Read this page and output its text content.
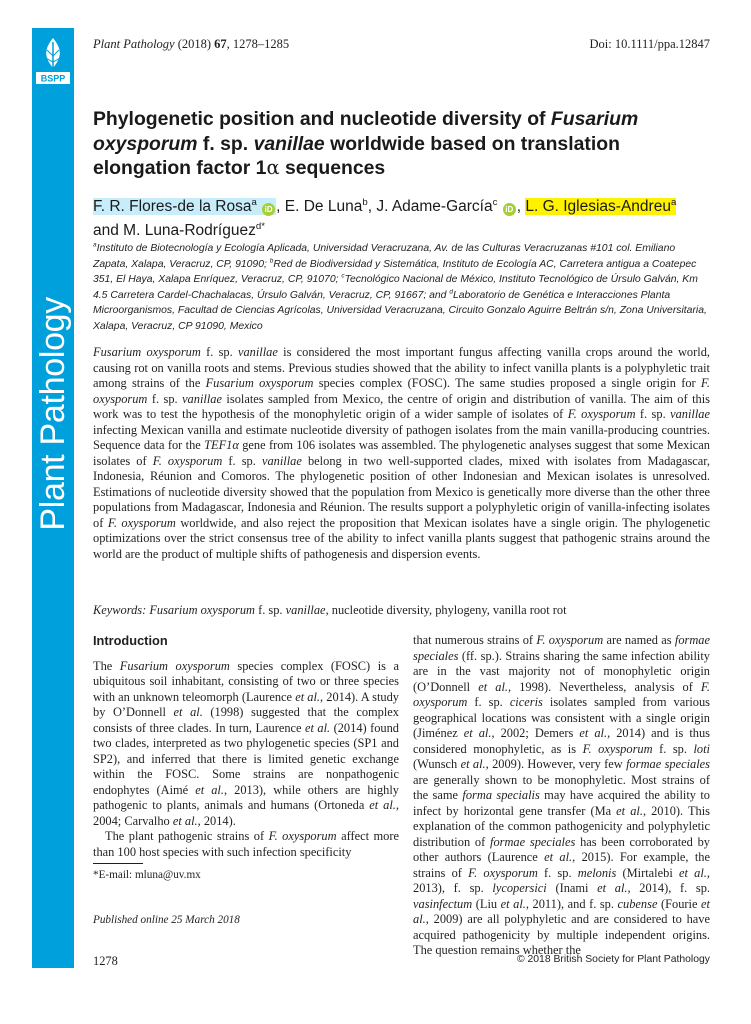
BSPP
Plant Pathology
Plant Pathology (2018) 67, 1278–1285	Doi: 10.1111/ppa.12847
Phylogenetic position and nucleotide diversity of Fusarium oxysporum f. sp. vanillae worldwide based on translation elongation factor 1α sequences
F. R. Flores-de la Rosa$^a$ iD , E. De Luna$^b$, J. Adame-García$^c$ iD , L. G. Iglesias-Andreu$^a$
and M. Luna-Rodríguez$^{d*}$
$^a$Instituto de Biotecnología y Ecología Aplicada, Universidad Veracruzana, Av. de las Culturas Veracruzanas #101 col. Emiliano Zapata, Xalapa, Veracruz, CP, 91090; $^b$Red de Biodiversidad y Sistemática, Instituto de Ecología AC, Carretera antigua a Coatepec 351, El Haya, Xalapa Enríquez, Veracruz, CP, 91070; $^c$Tecnológico Nacional de México, Instituto Tecnológico de Úrsulo Galván, Km 4.5 Carretera Cardel-Chachalacas, Úrsulo Galván, Veracruz, CP, 91667; and $^d$Laboratorio de Genética e Interacciones Planta Microorganismos, Facultad de Ciencias Agrícolas, Universidad Veracruzana, Circuito Gonzalo Aguirre Beltrán s/n, Zona Universitaria, Xalapa, Veracruz, CP 91090, Mexico

Fusarium oxysporum f. sp. vanillae is considered the most important fungus affecting vanilla crops around the world, causing rot on vanilla roots and stems. Previous studies showed that the ability to infect vanilla plants is a polyphyletic trait among strains of the Fusarium oxysporum species complex (FOSC). The same studies proposed a single origin for F. oxysporum f. sp. vanillae isolates sampled from Mexico, the centre of origin and distribution of vanilla. The aim of this work was to test the hypothesis of the monophyletic origin of a wider sample of isolates of F. oxysporum f. sp. vanillae infecting Mexican vanilla and estimate nucleotide diversity of pathogen isolates from the main vanilla-producing countries. Sequence data for the TEF1α gene from 106 isolates was assembled. The phylogenetic analyses suggest that some Mexican isolates of F. oxysporum f. sp. vanillae belong in two well-supported clades, mixed with isolates from Madagascar, Indonesia, Réunion and Comoros. The phylogenetic position of other Indonesian and Mexican isolates is unresolved. Estimations of nucleotide diversity showed that the population from Mexico is genetically more diverse than the other three populations from Madagascar, Indonesia and Réunion. The results support a polyphyletic origin of vanilla-infecting isolates of F. oxysporum worldwide, and also reject the proposition that Mexican isolates have a single origin. The phylogenetic optimizations over the strict consensus tree of the ability to infect vanilla plants suggest that pathogenic strains around the world are the product of multiple shifts of pathogenesis and dispersion events.

Keywords: Fusarium oxysporum f. sp. vanillae, nucleotide diversity, phylogeny, vanilla root rot
Introduction

The Fusarium oxysporum species complex (FOSC) is a ubiquitous soil inhabitant, consisting of two or three species with an unknown teleomorph (Laurence et al., 2014). A study by O’Donnell et al. (1998) suggested that the complex consists of three clades. In turn, Laurence et al. (2014) found two clades, interpreted as two phylogenetic species (SP1 and SP2), and inferred that there is limited genetic exchange within the FOSC. Some strains are nonpathogenic endophytes (Aimé et al., 2013), while others are highly pathogenic to plants, animals and humans (Ortoneda et al., 2004; Carvalho et al., 2014).

The plant pathogenic strains of F. oxysporum affect more than 100 host species with such infection specificity

that numerous strains of F. oxysporum are named as formae speciales (ff. sp.). Strains sharing the same infection ability are in the vast majority not of monophyletic origin (O’Donnell et al., 1998). Nevertheless, analysis of F. oxysporum f. sp. ciceris isolates sampled from various geographical locations was consistent with a single origin (Jiménez et al., 2002; Demers et al., 2014) and is thus considered monophyletic, as is F. oxysporum f. sp. loti (Wunsch et al., 2009). However, very few formae speciales are generally shown to be monophyletic. Most strains of the same forma specialis may have acquired the ability to infect by horizontal gene transfer (Ma et al., 2010). This explanation of the common pathogenicity and polyphyletic distribution of formae speciales has been corroborated by other authors (Laurence et al., 2015). For example, the strains of F. oxysporum f. sp. melonis (Mirtalebi et al., 2013), f. sp. lycopersici (Inami et al., 2014), f. sp. vasinfectum (Liu et al., 2011), and f. sp. cubense (Fourie et al., 2009) are all polyphyletic and are considered to have acquired pathogenicity by multiple independent origins. The question remains whether the

*E-mail: mluna@uv.mx
Published online 25 March 2018
1278	© 2018 British Society for Plant Pathology
